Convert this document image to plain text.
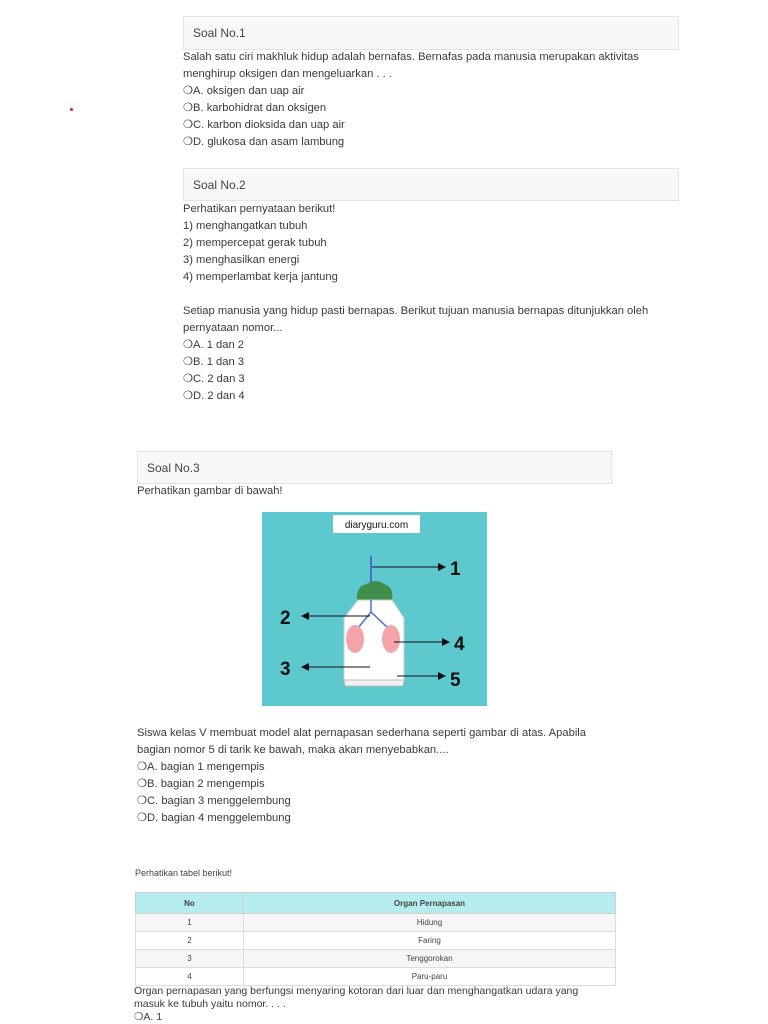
Soal No.1
Salah satu ciri makhluk hidup adalah bernafas. Bernafas pada manusia merupakan aktivitas
menghirup oksigen dan mengeluarkan . . .
❍A. oksigen dan uap air
❍B. karbohidrat dan oksigen
❍C. karbon dioksida dan uap air
❍D. glukosa dan asam lambung
Soal No.2
Perhatikan pernyataan berikut!
1) menghangatkan tubuh
2) mempercepat gerak tubuh
3) menghasilkan energi
4) memperlambat kerja jantung
Setiap manusia yang hidup pasti bernapas. Berikut tujuan manusia bernapas ditunjukkan oleh
pernyataan nomor...
❍A. 1 dan 2
❍B. 1 dan 3
❍C. 2 dan 3
❍D. 2 dan 4
Soal No.3
Perhatikan gambar di bawah!
diaryguru.com
1
2
4
3
5
Siswa kelas V membuat model alat pernapasan sederhana seperti gambar di atas. Apabila
bagian nomor 5 di tarik ke bawah, maka akan menyebabkan....
❍A. bagian 1 mengempis
❍B. bagian 2 mengempis
❍C. bagian 3 menggelembung
❍D. bagian 4 menggelembung
Perhatikan tabel berikut!
No	Organ Pernapasan
1	Hidung
2	Faring
3	Tenggorokan
4	Paru-paru
Organ pernapasan yang berfungsi menyaring kotoran dari luar dan menghangatkan udara yang
masuk ke tubuh yaitu nomor. . . .
❍A. 1
